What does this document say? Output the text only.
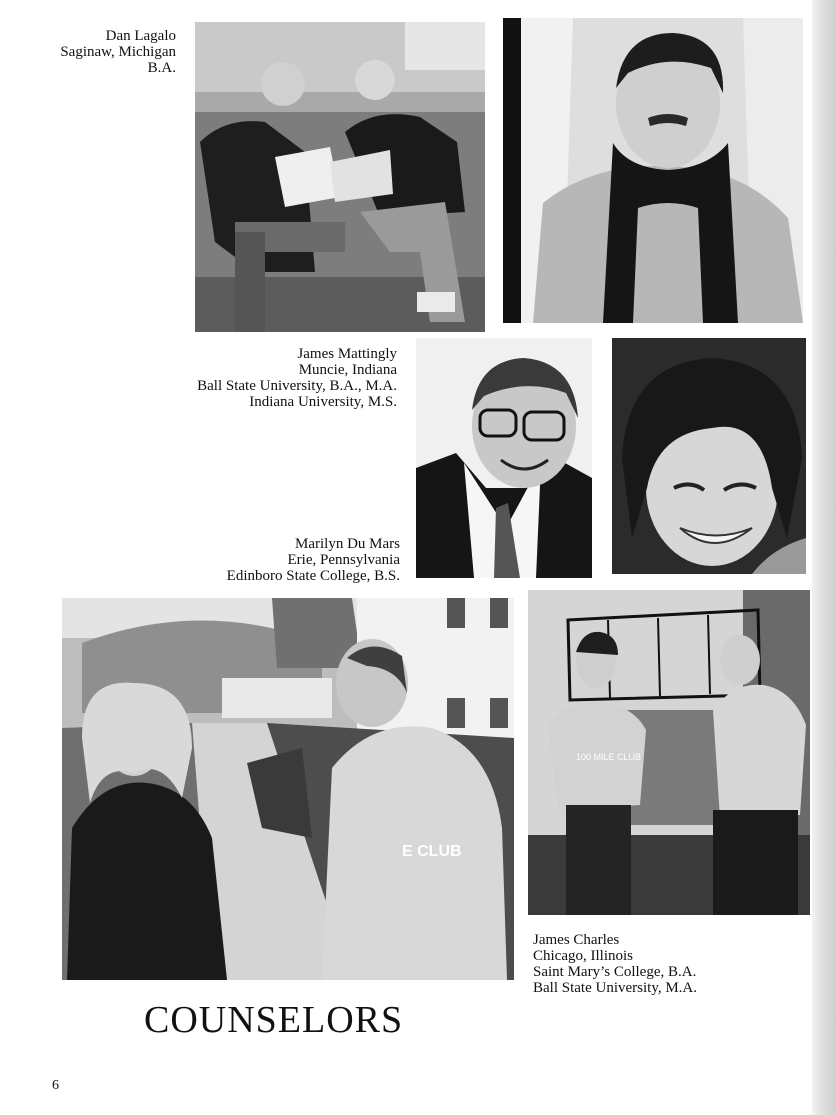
Dan Lagalo
Saginaw, Michigan
B.A.
James Mattingly
Muncie, Indiana
Ball State University, B.A., M.A.
Indiana University, M.S.
Marilyn Du Mars
Erie, Pennsylvania
Edinboro State College, B.S.
E CLUB
100 MILE CLUB
James Charles
Chicago, Illinois
Saint Mary’s College, B.A.
Ball State University, M.A.
COUNSELORS
6
